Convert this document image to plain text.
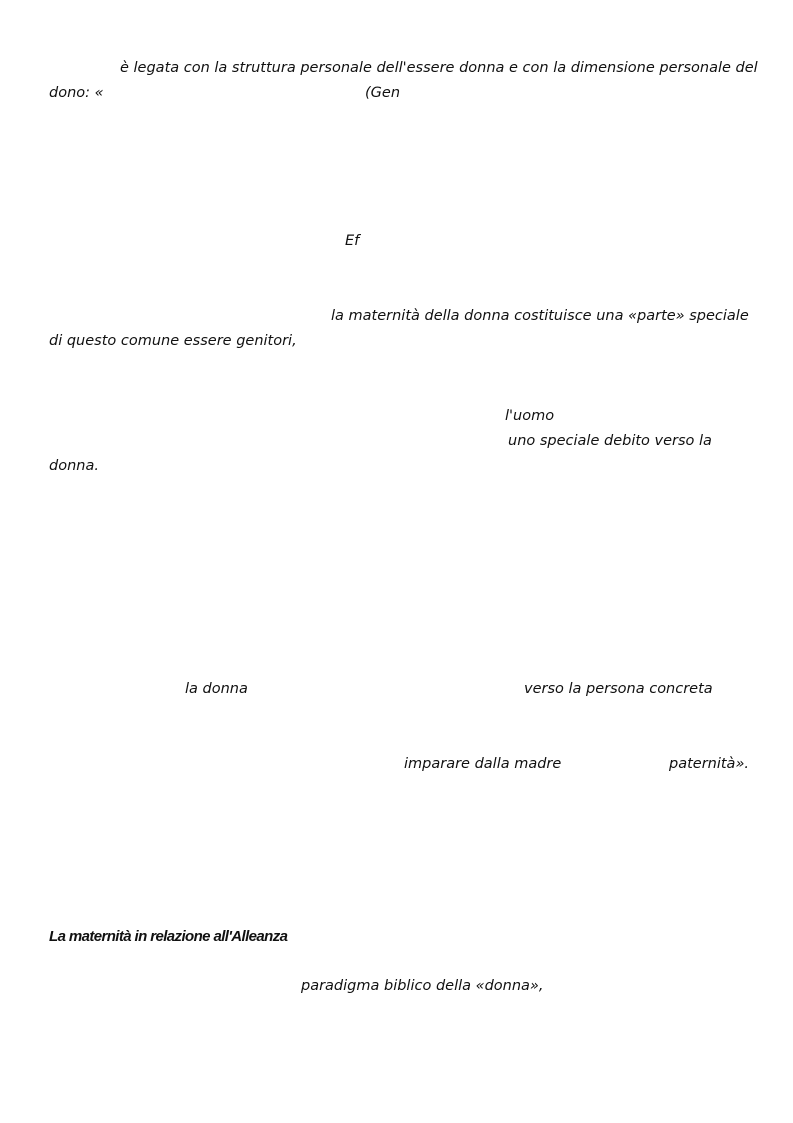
è legata con la struttura personale dell'essere donna e con la dimensione personale del
dono: «	(Gen
Ef
la maternità della donna costituisce una «parte» speciale
di questo comune essere genitori,
l'uomo
uno speciale debito verso la
donna.
la donna	verso la persona concreta
imparare dalla madre	paternità».
La maternità in relazione all'Alleanza
paradigma biblico della «donna»,
